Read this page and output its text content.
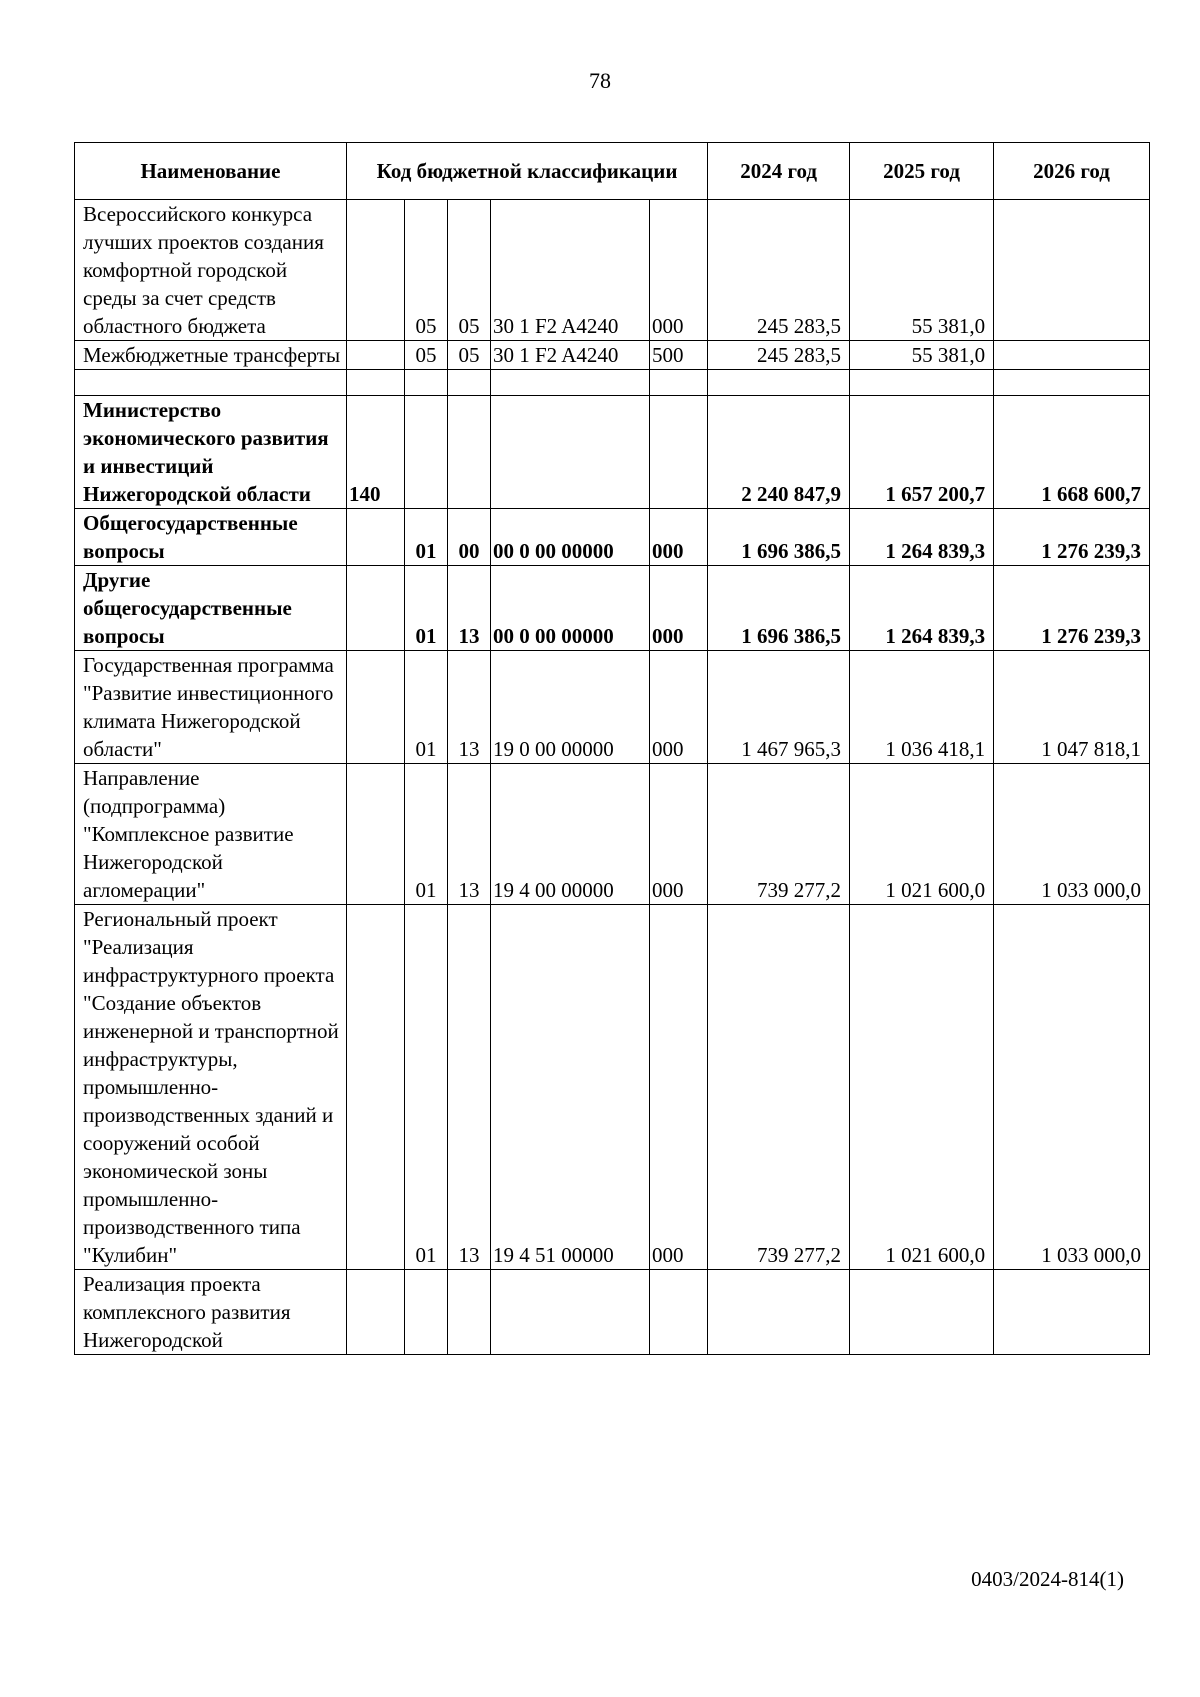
78
Наименование	Код бюджетной классификации					2024 год	2025 год	2026 год
Всероссийского конкурса лучших проектов создания комфортной городской среды за счет средств областного бюджета		05	05	30 1 F2 A4240	000	245 283,5	55 381,0	
Межбюджетные трансферты		05	05	30 1 F2 A4240	500	245 283,5	55 381,0	

Министерство экономического развития и инвестиций Нижегородской области	140					2 240 847,9	1 657 200,7	1 668 600,7
Общегосударственные вопросы		01	00	00 0 00 00000	000	1 696 386,5	1 264 839,3	1 276 239,3
Другие общегосударственные вопросы		01	13	00 0 00 00000	000	1 696 386,5	1 264 839,3	1 276 239,3
Государственная программа "Развитие инвестиционного климата Нижегородской области"		01	13	19 0 00 00000	000	1 467 965,3	1 036 418,1	1 047 818,1
Направление (подпрограмма) "Комплексное развитие Нижегородской агломерации"		01	13	19 4 00 00000	000	739 277,2	1 021 600,0	1 033 000,0
Региональный проект "Реализация инфраструктурного проекта "Создание объектов инженерной и транспортной инфраструктуры, промышленно-производственных зданий и сооружений особой экономической зоны промышленно-производственного типа "Кулибин"		01	13	19 4 51 00000	000	739 277,2	1 021 600,0	1 033 000,0
Реализация проекта комплексного развития Нижегородской								
0403/2024-814(1)
